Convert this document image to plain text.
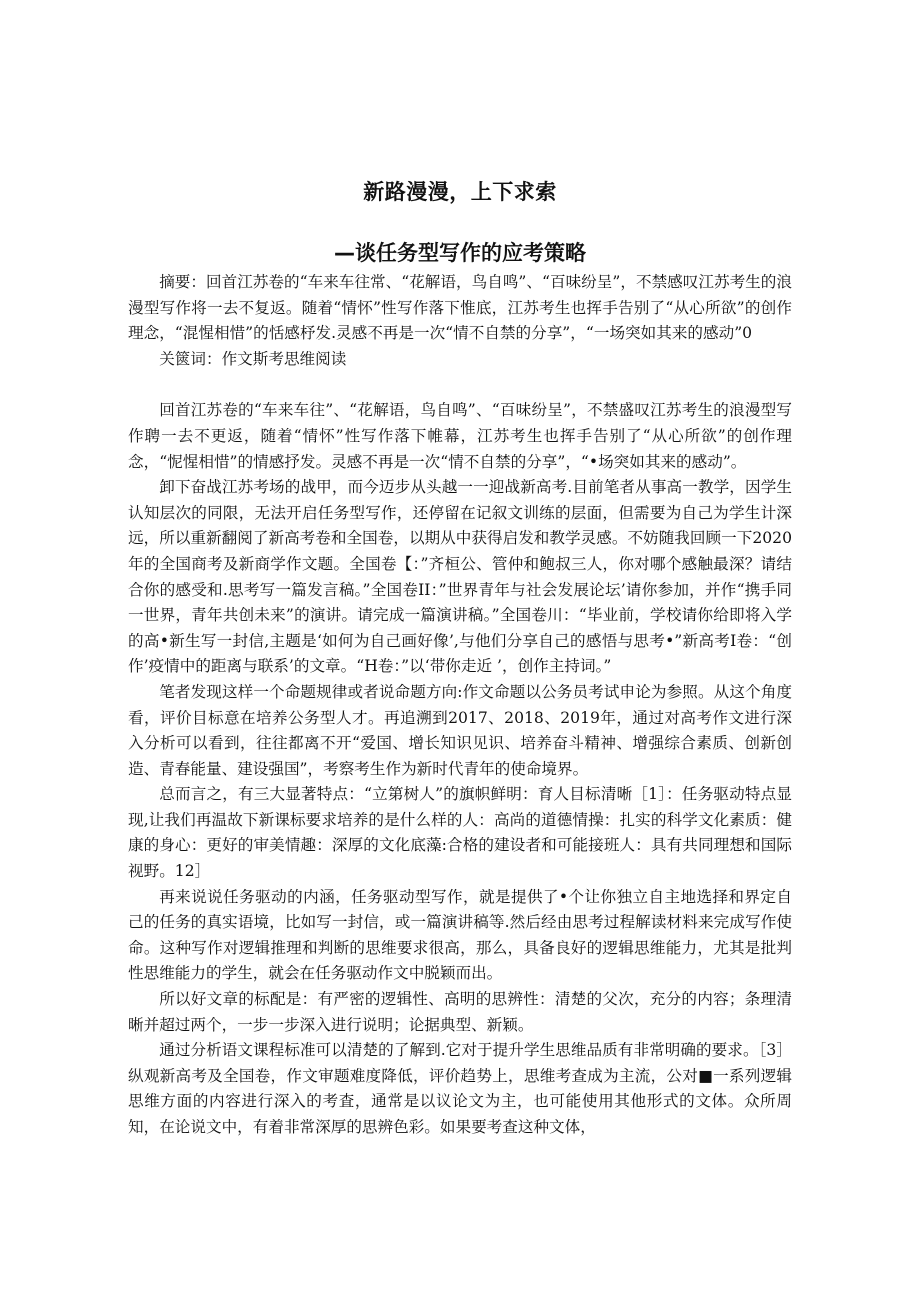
新路漫漫，上下求索
—谈任务型写作的应考策略

摘要：回首江苏卷的“车来车往常、“花解语，鸟自鸣”、“百味纷呈”，不禁感叹江苏考生的浪漫型写作将一去不复返。随着“情怀”性写作落下惟底，江苏考生也挥手告别了“从心所欲”的创作理念，“混惺相惜”的恬感杼发.灵感不再是一次“情不自禁的分享”，“一场突如其来的感动”0

关篋词：作文斯考思维阅读

回首江苏卷的“车来车往”、“花解语，鸟自鸣”、“百味纷呈”，不禁盛叹江苏考生的浪漫型写作聘一去不更返，随着“情怀”性写作落下帷幕，江苏考生也挥手告别了“从心所欲”的创作理念，“怩惺相惜”的情感抒发。灵感不再是一次“情不自禁的分享”，“•场突如其来的感动”。

卸下奋战江苏考场的战甲，而今迈步从头越一一迎战新高考.目前笔者从事高一教学，因学生认知层次的同限，无法开启任务型写作，还停留在记叙文训练的层面，但需要为自己为学生计深远，所以重新翻阅了新高考卷和全国卷，以期从中获得启发和教学灵感。不妨随我回顾一下2020年的全国商考及新商学作文题。全国卷【：”齐桓公、管仲和鲍叔三人，你对哪个感触最深？请结合你的感受和.思考写一篇发言稿。”全国卷II：”世界青年与社会发展论坛’请你参加，并作“携手同一世界，青年共创未来”的演讲。请完成一篇演讲稿。”全国卷川：“毕业前，学校请你给即将入学的高•新生写一封信,主题是‘如何为自己画好像’,与他们分享自己的感悟与思考•”新高考I卷：“创作’疫情中的距离与联系’的文章。“H卷：”以‘带你走近 ’，创作主持词。”

笔者发现这样一个命题规律或者说命题方向:作文命题以公务员考试申论为参照。从这个角度看，评价目标意在培养公务型人才。再追溯到2017、2018、2019年，通过对高考作文进行深入分析可以看到，往往都离不开“爱国、增长知识见识、培养奋斗精神、增强综合素质、创新创造、青春能量、建设强国”，考察考生作为新时代青年的使命境界。

总而言之，有三大显著特点：“立第树人”的旗帜鲜明：育人目标清晰［1］：任务驱动特点显现,让我们再温故下新课标要求培养的是什么样的人：高尚的道德情操：扎实的科学文化素质：健康的身心：更好的审美情趣：深厚的文化底藻:合格的建设者和可能接班人：具有共同理想和国际视野。12］

再来说说任务驱动的内涵，任务驱动型写作，就是提供了•个让你独立自主地选择和界定自己的任务的真实语境，比如写一封信，或一篇演讲稿等.然后经由思考过程解读材料来完成写作使命。这种写作对逻辑推理和判断的思维要求很高，那么，具备良好的逻辑思维能力，尤其是批判性思维能力的学生，就会在任务驱动作文中脱颖而出。

所以好文章的标配是：有严密的逻辑性、高明的思辨性：清楚的父次，充分的内容；条理清晰并超过两个，一步一步深入进行说明；论据典型、新颖。

通过分析语文课程标准可以清楚的了解到.它对于提升学生思维品质有非常明确的要求。［3］纵观新高考及全国卷，作文审题难度降低，评价趋势上，思维考查成为主流，公对■一系列逻辑思维方面的内容进行深入的考査，通常是以议论文为主，也可能使用其他形式的文体。众所周知，在论说文中，有着非常深厚的思辨色彩。如果要考查这种文体，
